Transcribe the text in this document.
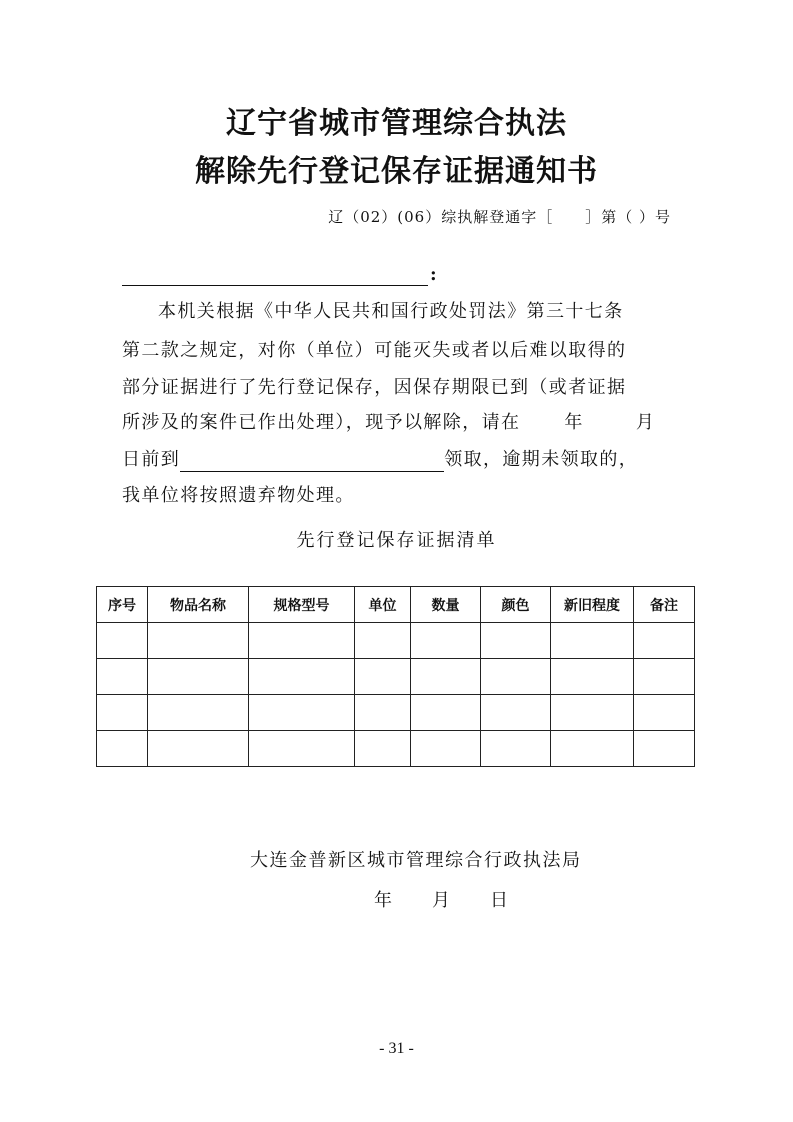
辽宁省城市管理综合执法
解除先行登记保存证据通知书
辽（02）(06）综执解登通字［　　］第（ ）号
:
本机关根据《中华人民共和国行政处罚法》第三十七条
第二款之规定，对你（单位）可能灭失或者以后难以取得的
部分证据进行了先行登记保存，因保存期限已到（或者证据
所涉及的案件已作出处理），现予以解除，请在 年	月
日前到	领取，逾期未领取的，
我单位将按照遗弃物处理。
先行登记保存证据清单
序号	物品名称	规格型号	单位	数量	颜色	新旧程度	备注

大连金普新区城市管理综合行政执法局
年 月 日
- 31 -
